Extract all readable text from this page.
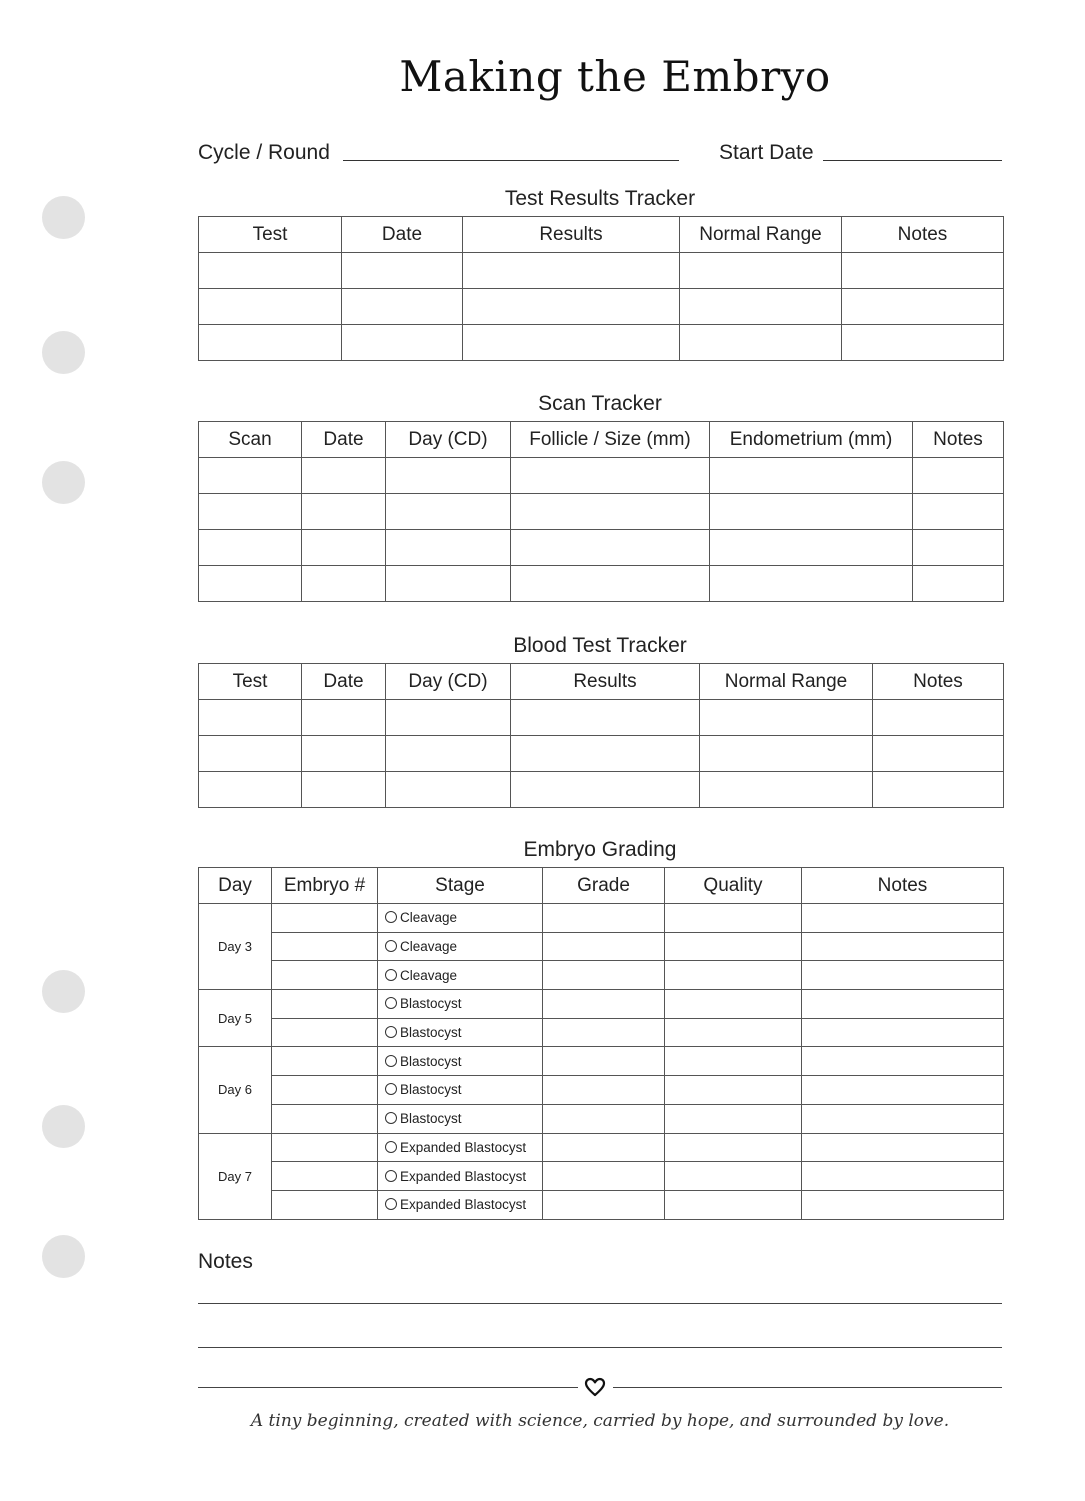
Making the Embryo
Cycle / Round	Start Date
Test Results Tracker
Test	Date	Results	Normal Range	Notes

Scan Tracker
Scan	Date	Day (CD)	Follicle / Size (mm)	Endometrium (mm)	Notes

Blood Test Tracker
Test	Date	Day (CD)	Results	Normal Range	Notes

Embryo Grading
Day	Embryo #	Stage	Grade	Quality	Notes
Day 3		Cleavage			
		Cleavage			
		Cleavage			
Day 5		Blastocyst			
		Blastocyst			
Day 6		Blastocyst			
		Blastocyst			
		Blastocyst			
Day 7		Expanded Blastocyst			
		Expanded Blastocyst			
		Expanded Blastocyst			
Notes
A tiny beginning, created with science, carried by hope, and surrounded by love.
